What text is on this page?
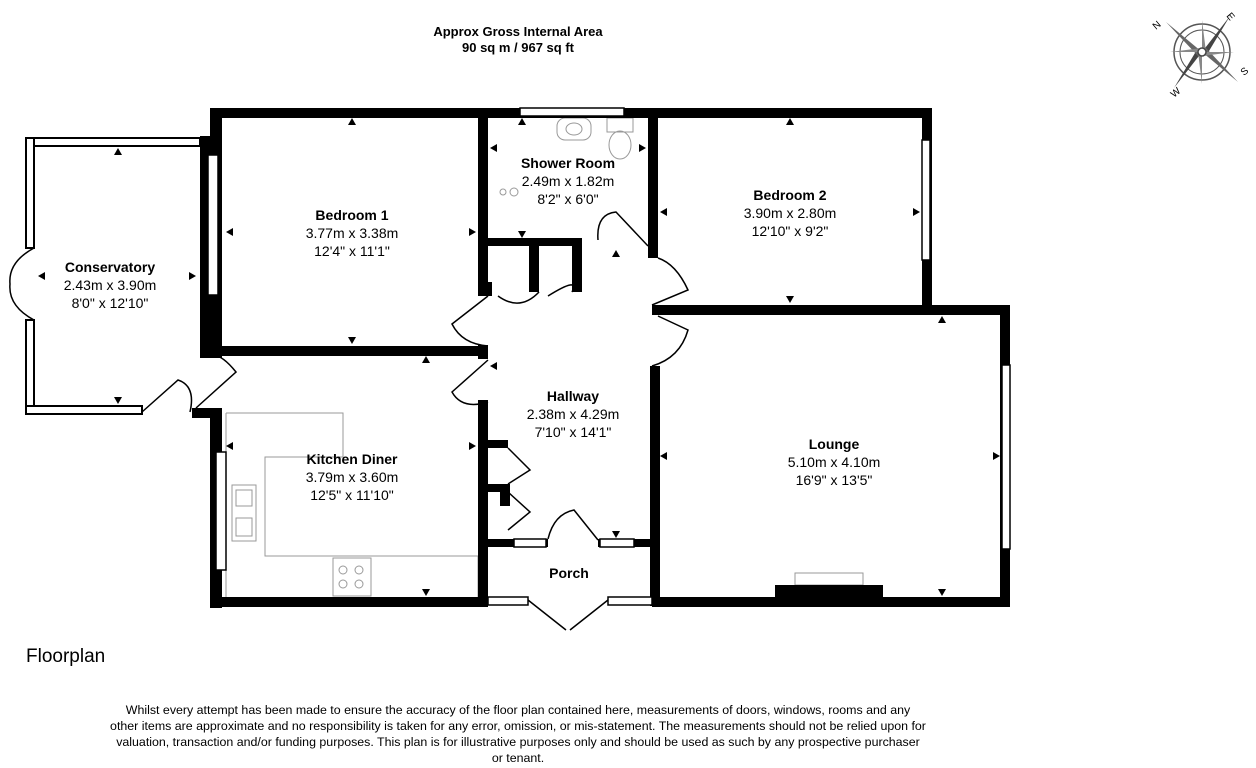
Approx Gross Internal Area
90 sq m / 967 sq ft
N
E
S
W
Conservatory
2.43m x 3.90m
8'0" x 12'10"
Bedroom 1
3.77m x 3.38m
12'4" x 11'1"
Shower Room
2.49m x 1.82m
8'2" x 6'0"	Bedroom 2
3.90m x 2.80m
12'10" x 9'2"
Hallway
2.38m x 4.29m
7'10" x 14'1"
Kitchen Diner
3.79m x 3.60m
12'5" x 11'10"
Lounge
5.10m x 4.10m
16'9" x 13'5"
Porch
Floorplan
Whilst every attempt has been made to ensure the accuracy of the floor plan contained here, measurements of doors, windows, rooms and any other items are approximate and no responsibility is taken for any error, omission, or mis-statement. The measurements should not be relied upon for valuation, transaction and/or funding purposes. This plan is for illustrative purposes only and should be used as such by any prospective purchaser or tenant.
